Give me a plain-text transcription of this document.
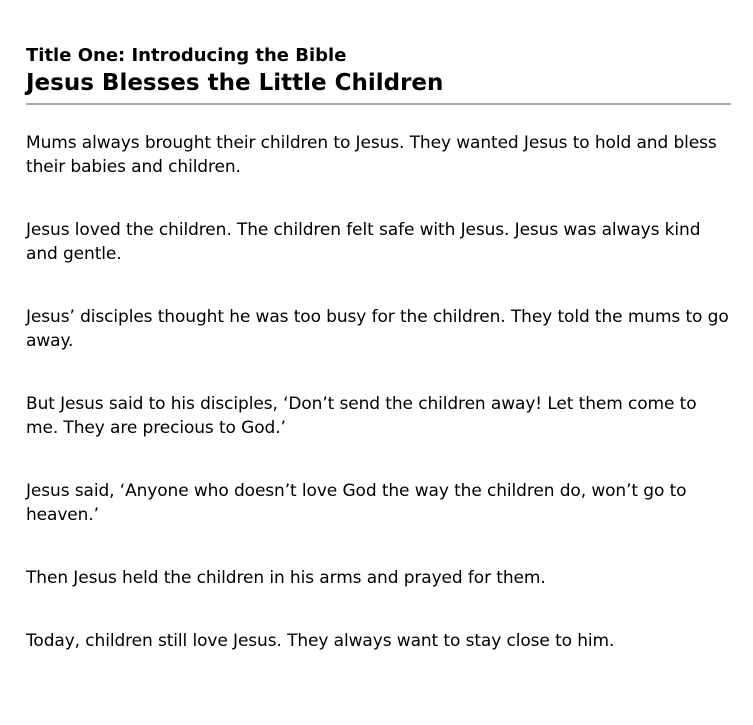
Title One: Introducing the Bible
Jesus Blesses the Little Children

Mums always brought their children to Jesus. They wanted Jesus to hold and bless their babies and children.

Jesus loved the children. The children felt safe with Jesus. Jesus was always kind and gentle.

Jesus’ disciples thought he was too busy for the children. They told the mums to go away.

But Jesus said to his disciples, ‘Don’t send the children away! Let them come to me. They are precious to God.’

Jesus said, ‘Anyone who doesn’t love God the way the children do, won’t go to heaven.’

Then Jesus held the children in his arms and prayed for them.

Today, children still love Jesus. They always want to stay close to him.
